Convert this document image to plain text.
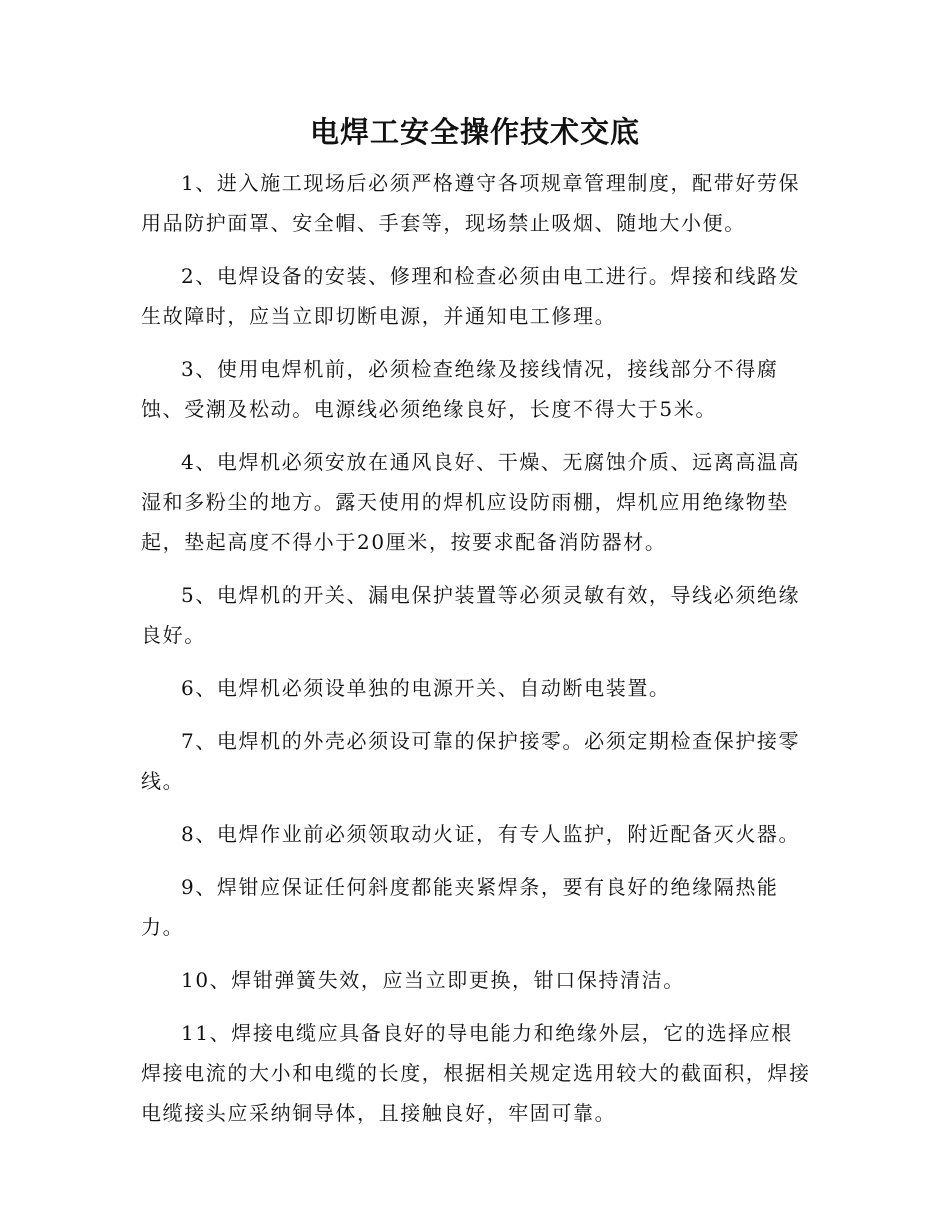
电焊工安全操作技术交底

1、进入施工现场后必须严格遵守各项规章管理制度，配带好劳保用品防护面罩、安全帽、手套等，现场禁止吸烟、随地大小便。

2、电焊设备的安装、修理和检查必须由电工进行。焊接和线路发生故障时，应当立即切断电源，并通知电工修理。

3、使用电焊机前，必须检查绝缘及接线情况，接线部分不得腐蚀、受潮及松动。电源线必须绝缘良好，长度不得大于5米。

4、电焊机必须安放在通风良好、干燥、无腐蚀介质、远离高温高湿和多粉尘的地方。露天使用的焊机应设防雨棚，焊机应用绝缘物垫起，垫起高度不得小于20厘米，按要求配备消防器材。

5、电焊机的开关、漏电保护装置等必须灵敏有效，导线必须绝缘良好。

6、电焊机必须设单独的电源开关、自动断电装置。

7、电焊机的外壳必须设可靠的保护接零。必须定期检查保护接零线。

8、电焊作业前必须领取动火证，有专人监护，附近配备灭火器。

9、焊钳应保证任何斜度都能夹紧焊条，要有良好的绝缘隔热能力。

10、焊钳弹簧失效，应当立即更换，钳口保持清洁。

11、焊接电缆应具备良好的导电能力和绝缘外层，它的选择应根焊接电流的大小和电缆的长度，根据相关规定选用较大的截面积，焊接电缆接头应采纳铜导体，且接触良好，牢固可靠。
